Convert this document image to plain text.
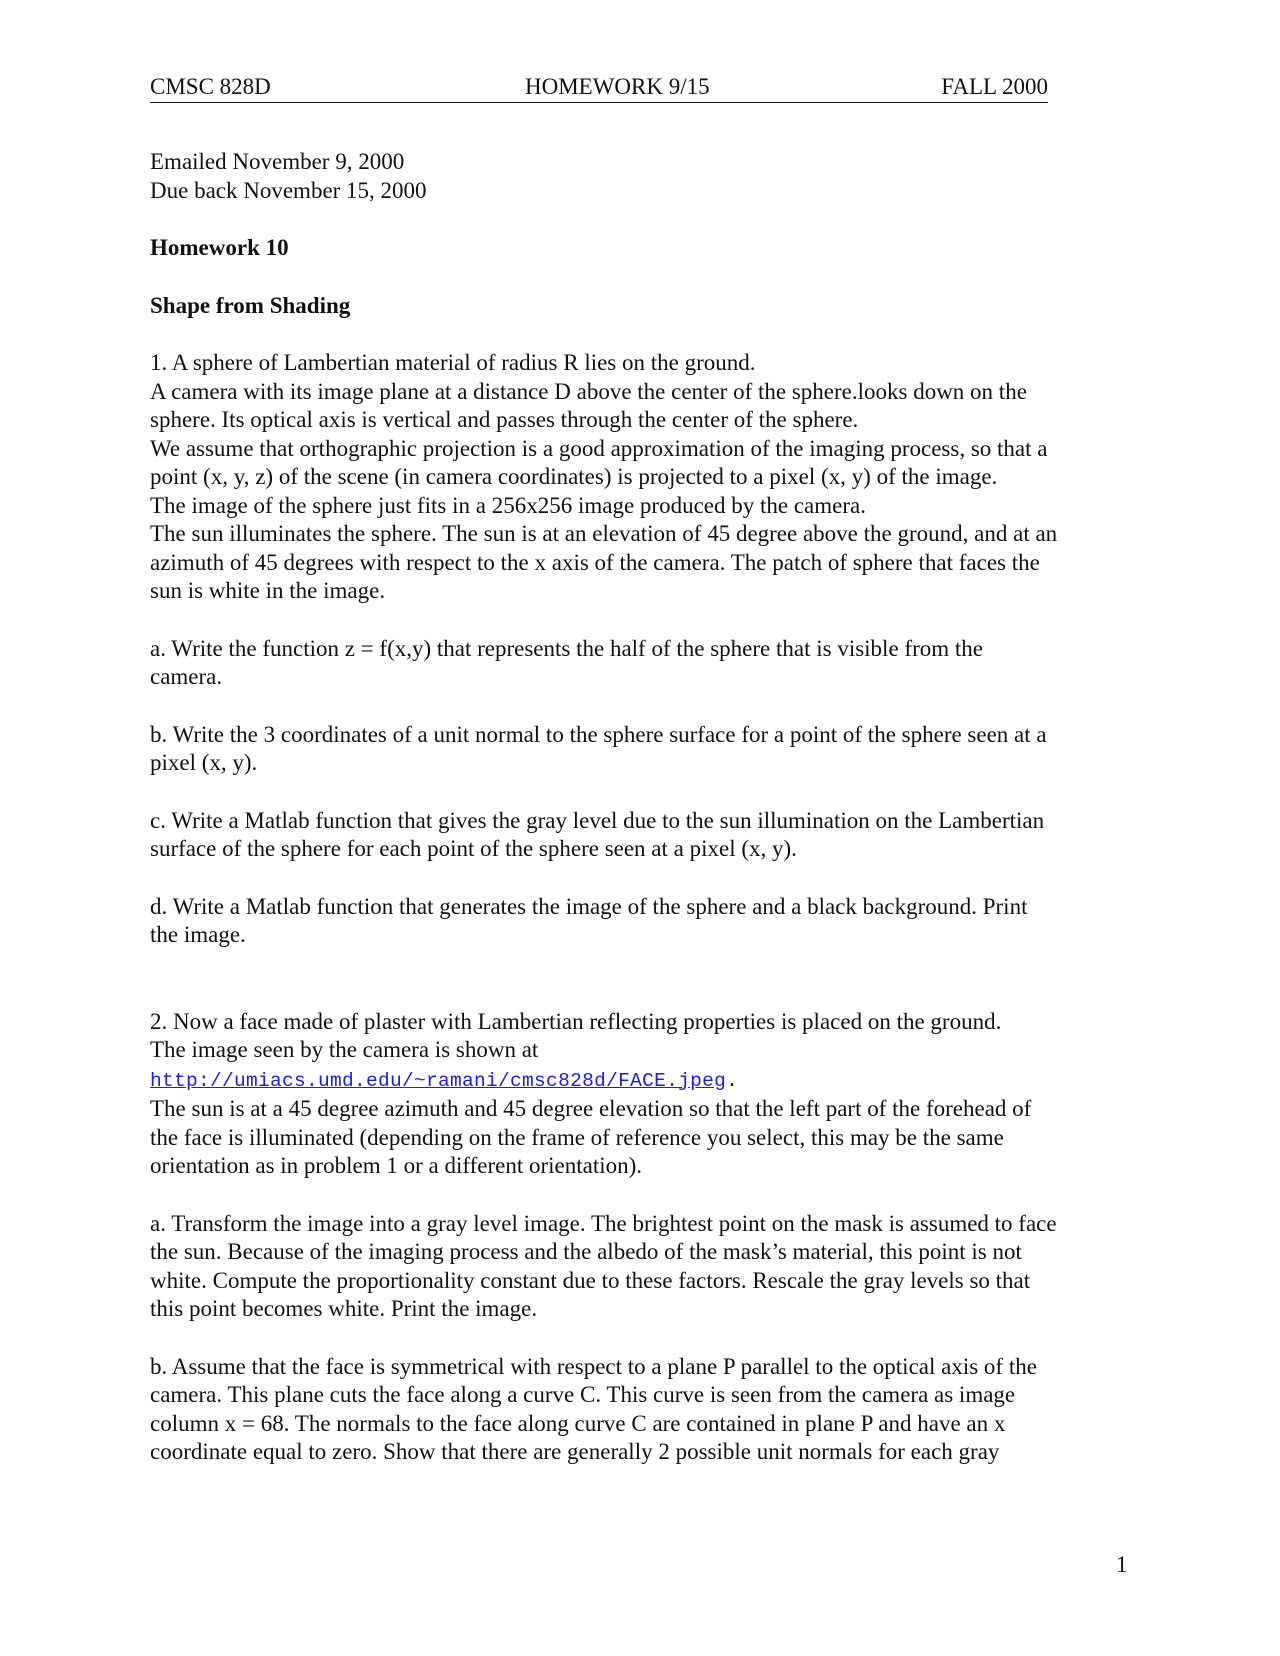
CMSC 828D	HOMEWORK 9/15	FALL 2000

Emailed November 9, 2000
Due back November 15, 2000

Homework 10

Shape from Shading

1. A sphere of Lambertian material of radius R lies on the ground.
A camera with its image plane at a distance D above the center of the sphere.looks down on the sphere. Its optical axis is vertical and passes through the center of the sphere.
We assume that orthographic projection is a good approximation of the imaging process, so that a point (x, y, z) of the scene (in camera coordinates) is projected to a pixel (x, y) of the image.
The image of the sphere just fits in a 256x256 image produced by the camera.
The sun illuminates the sphere. The sun is at an elevation of 45 degree above the ground, and at an azimuth of 45 degrees with respect to the x axis of the camera. The patch of sphere that faces the sun is white in the image.

a. Write the function z = f(x,y) that represents the half of the sphere that is visible from the camera.

b. Write the 3 coordinates of a unit normal to the sphere surface for a point of the sphere seen at a pixel (x, y).

c. Write a Matlab function that gives the gray level due to the sun illumination on the Lambertian surface of the sphere for each point of the sphere seen at a pixel (x, y).

d. Write a Matlab function that generates the image of the sphere and a black background. Print the image.

2. Now a face made of plaster with Lambertian reflecting properties is placed on the ground.
The image seen by the camera is shown at
http://umiacs.umd.edu/~ramani/cmsc828d/FACE.jpeg.
The sun is at a 45 degree azimuth and 45 degree elevation so that the left part of the forehead of the face is illuminated (depending on the frame of reference you select, this may be the same orientation as in problem 1 or a different orientation).

a. Transform the image into a gray level image. The brightest point on the mask is assumed to face the sun. Because of the imaging process and the albedo of the mask’s material, this point is not white. Compute the proportionality constant due to these factors. Rescale the gray levels so that this point becomes white. Print the image.

b. Assume that the face is symmetrical with respect to a plane P parallel to the optical axis of the camera. This plane cuts the face along a curve C. This curve is seen from the camera as image column x = 68. The normals to the face along curve C are contained in plane P and have an x coordinate equal to zero. Show that there are generally 2 possible unit normals for each gray

1
